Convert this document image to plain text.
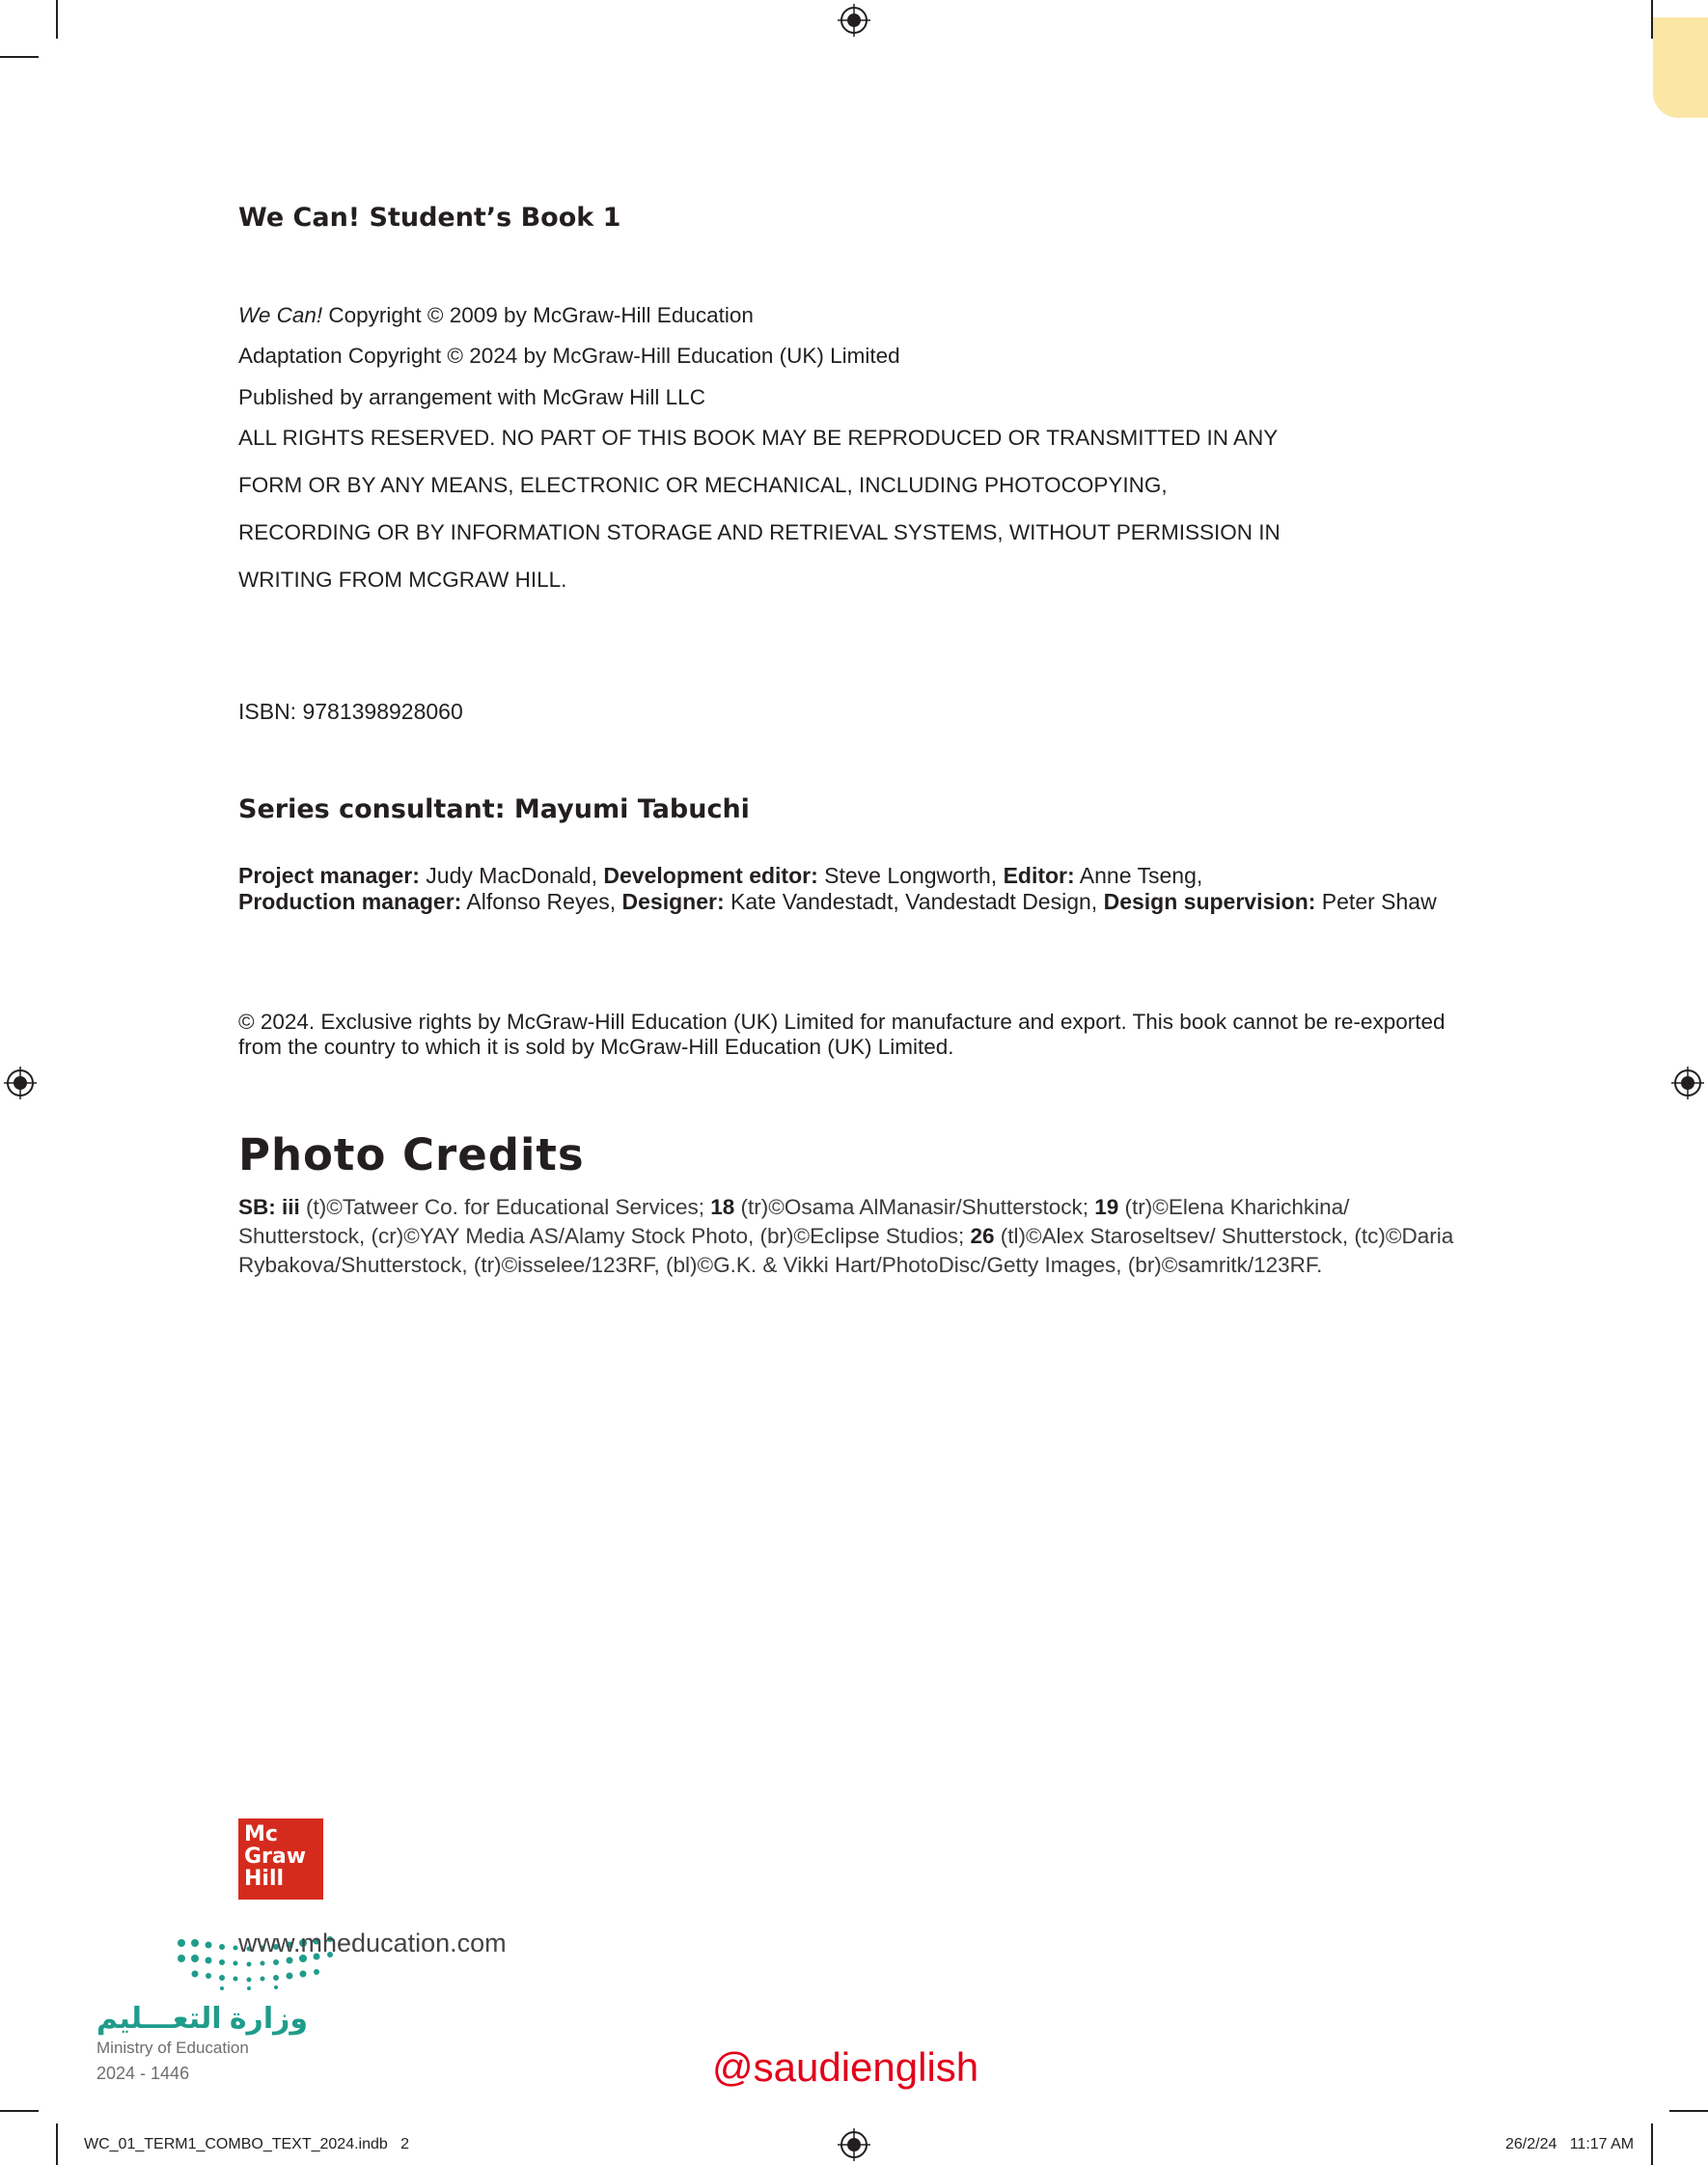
We Can! Student’s Book 1
We Can! Copyright © 2009 by McGraw-Hill Education
Adaptation Copyright © 2024 by McGraw-Hill Education (UK) Limited
Published by arrangement with McGraw Hill LLC
ALL RIGHTS RESERVED. NO PART OF THIS BOOK MAY BE REPRODUCED OR TRANSMITTED IN ANY
FORM OR BY ANY MEANS, ELECTRONIC OR MECHANICAL, INCLUDING PHOTOCOPYING,
RECORDING OR BY INFORMATION STORAGE AND RETRIEVAL SYSTEMS, WITHOUT PERMISSION IN
WRITING FROM MCGRAW HILL.
ISBN: 9781398928060
Series consultant: Mayumi Tabuchi
Project manager: Judy MacDonald, Development editor: Steve Longworth, Editor: Anne Tseng,
Production manager: Alfonso Reyes, Designer: Kate Vandestadt, Vandestadt Design, Design supervision: Peter Shaw
© 2024. Exclusive rights by McGraw-Hill Education (UK) Limited for manufacture and export. This book cannot be re-exported from the country to which it is sold by McGraw-Hill Education (UK) Limited.
Photo Credits
SB: iii (t)©Tatweer Co. for Educational Services; 18 (tr)©Osama AlManasir/Shutterstock; 19 (tr)©Elena Kharichkina/ Shutterstock, (cr)©YAY Media AS/Alamy Stock Photo, (br)©Eclipse Studios; 26 (tl)©Alex Staroseltsev/ Shutterstock, (tc)©Daria Rybakova/Shutterstock, (tr)©isselee/123RF, (bl)©G.K. & Vikki Hart/PhotoDisc/Getty Images, (br)©samritk/123RF.
Mc
Graw
Hill
www.mheducation.com
وزارة التعـــليم
Ministry of Education
2024 - 1446	@saudienglish
WC_01_TERM1_COMBO_TEXT_2024.indb   2	26/2/24   11:17 AM
